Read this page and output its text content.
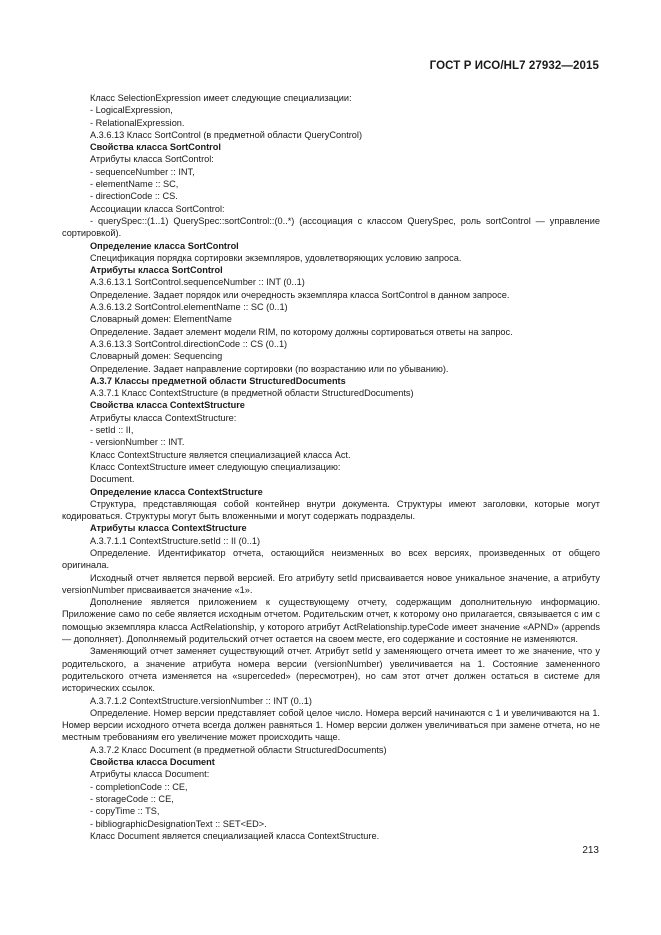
ГОСТ Р ИСО/HL7 27932—2015
Класс SelectionExpression имеет следующие специализации:
- LogicalExpression,
- RelationalExpression.
A.3.6.13 Класс SortControl (в предметной области QueryControl)
Свойства класса SortControl
Атрибуты класса SortControl:
- sequenceNumber :: INT,
- elementName :: SC,
- directionCode :: CS.
Ассоциации класса SortControl:
- querySpec::(1..1) QuerySpec::sortControl::(0..*) (ассоциация с классом QuerySpec, роль sortControl — управление сортировкой).
Определение класса SortControl
Спецификация порядка сортировки экземпляров, удовлетворяющих условию запроса.
Атрибуты класса SortControl
A.3.6.13.1 SortControl.sequenceNumber :: INT (0..1)
Определение. Задает порядок или очередность экземпляра класса SortControl в данном запросе.
A.3.6.13.2 SortControl.elementName :: SC (0..1)
Словарный домен: ElementName
Определение. Задает элемент модели RIM, по которому должны сортироваться ответы на запрос.
A.3.6.13.3 SortControl.directionCode :: CS (0..1)
Словарный домен: Sequencing
Определение. Задает направление сортировки (по возрастанию или по убыванию).
A.3.7 Классы предметной области StructuredDocuments
A.3.7.1 Класс ContextStructure (в предметной области StructuredDocuments)
Свойства класса ContextStructure
Атрибуты класса ContextStructure:
- setId :: II,
- versionNumber :: INT.
Класс ContextStructure является специализацией класса Act.
Класс ContextStructure имеет следующую специализацию:
Document.
Определение класса ContextStructure
Структура, представляющая собой контейнер внутри документа. Структуры имеют заголовки, которые могут кодироваться. Структуры могут быть вложенными и могут содержать подразделы.
Атрибуты класса ContextStructure
A.3.7.1.1 ContextStructure.setId :: II (0..1)
Определение. Идентификатор отчета, остающийся неизменных во всех версиях, произведенных от общего оригинала.
Исходный отчет является первой версией. Его атрибуту setId присваивается новое уникальное значение, а атрибуту versionNumber присваивается значение «1».
Дополнение является приложением к существующему отчету, содержащим дополнительную информацию. Приложение само по себе является исходным отчетом. Родительским отчет, к которому оно прилагается, связывается с им с помощью экземпляра класса ActRelationship, у которого атрибут ActRelationship.typeCode имеет значение «APND» (appends — дополняет). Дополняемый родительский отчет остается на своем месте, его содержание и состояние не изменяются.
Заменяющий отчет заменяет существующий отчет. Атрибут setId у заменяющего отчета имеет то же значение, что у родительского, а значение атрибута номера версии (versionNumber) увеличивается на 1. Состояние замененного родительского отчета изменяется на «superceded» (пересмотрен), но сам этот отчет должен остаться в системе для исторических ссылок.
A.3.7.1.2 ContextStructure.versionNumber :: INT (0..1)
Определение. Номер версии представляет собой целое число. Номера версий начинаются с 1 и увеличиваются на 1. Номер версии исходного отчета всегда должен равняться 1. Номер версии должен увеличиваться при замене отчета, но не местным требованиям его увеличение может происходить чаще.
A.3.7.2 Класс Document (в предметной области StructuredDocuments)
Свойства класса Document
Атрибуты класса Document:
- completionCode :: CE,
- storageCode :: CE,
- copyTime :: TS,
- bibliographicDesignationText :: SET<ED>.
Класс Document является специализацией класса ContextStructure.
213
